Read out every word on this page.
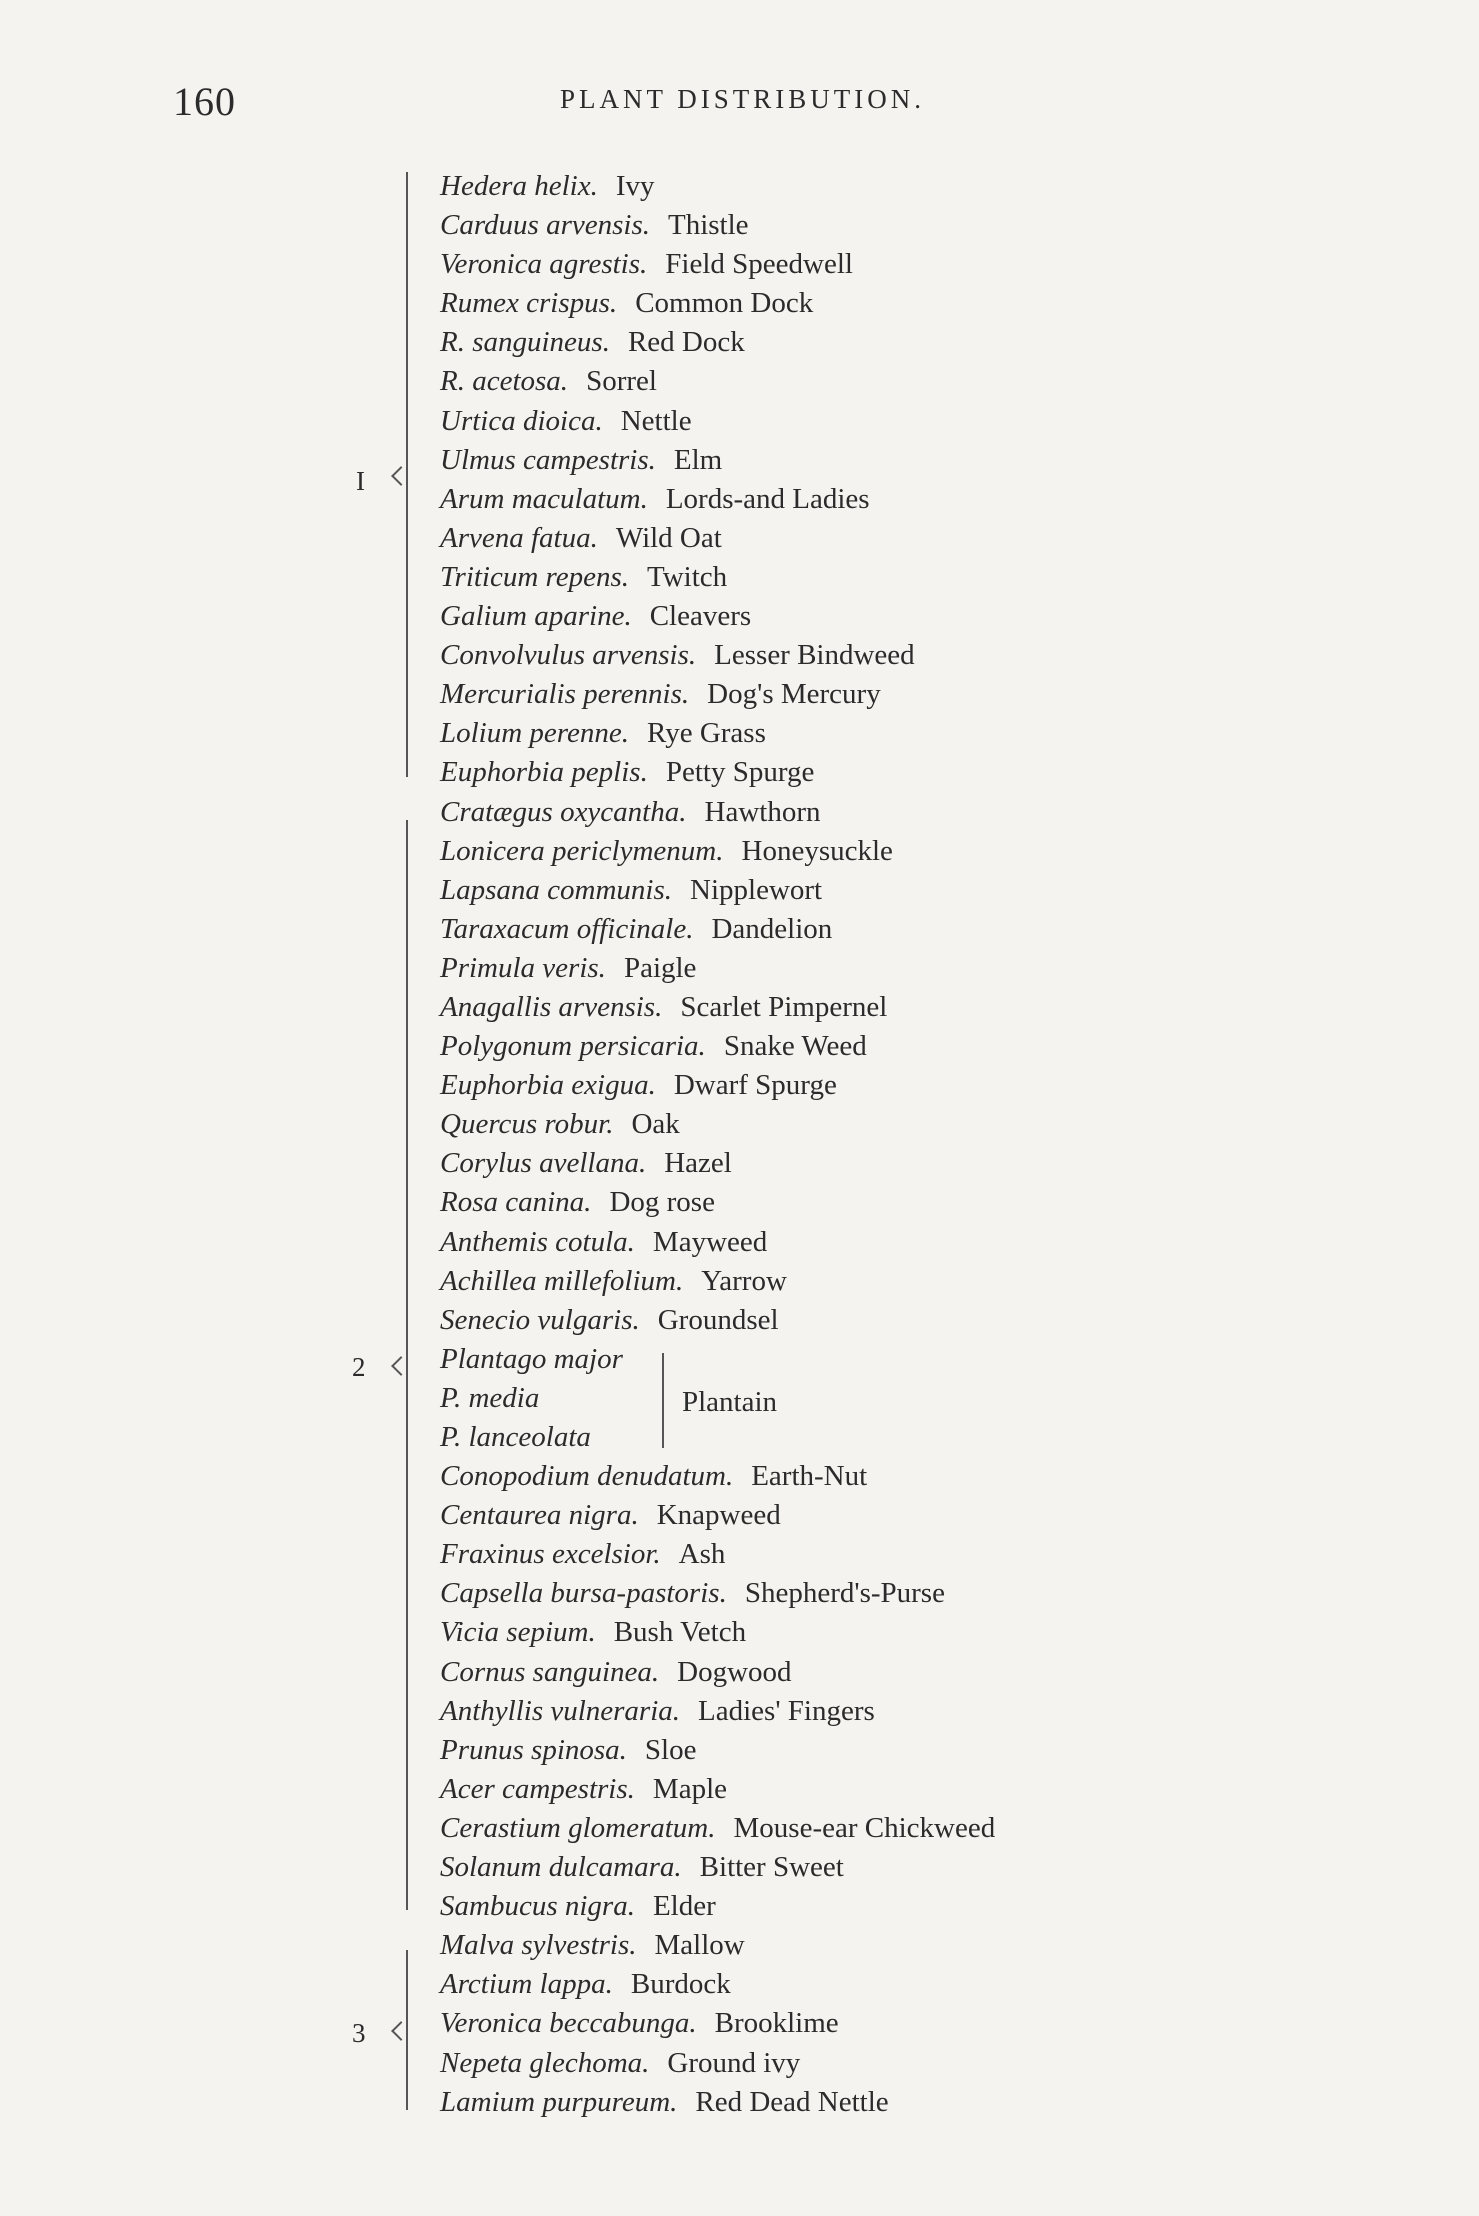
160	PLANT DISTRIBUTION.
I
2
3
Hedera helix. Ivy
Carduus arvensis. Thistle
Veronica agrestis. Field Speedwell
Rumex crispus. Common Dock
R. sanguineus. Red Dock
R. acetosa. Sorrel
Urtica dioica. Nettle
Ulmus campestris. Elm
Arum maculatum. Lords-and Ladies
Arvena fatua. Wild Oat
Triticum repens. Twitch
Galium aparine. Cleavers
Convolvulus arvensis. Lesser Bindweed
Mercurialis perennis. Dog's Mercury
Lolium perenne. Rye Grass
Euphorbia peplis. Petty Spurge
Cratægus oxycantha. Hawthorn
Lonicera periclymenum. Honeysuckle
Lapsana communis. Nipplewort
Taraxacum officinale. Dandelion
Primula veris. Paigle
Anagallis arvensis. Scarlet Pimpernel
Polygonum persicaria. Snake Weed
Euphorbia exigua. Dwarf Spurge
Quercus robur. Oak
Corylus avellana. Hazel
Rosa canina. Dog rose
Anthemis cotula. Mayweed
Achillea millefolium. Yarrow
Senecio vulgaris. Groundsel
Plantago major
P. media
P. lanceolata
Conopodium denudatum. Earth-Nut
Centaurea nigra. Knapweed
Fraxinus excelsior. Ash
Capsella bursa-pastoris. Shepherd's-Purse
Vicia sepium. Bush Vetch
Cornus sanguinea. Dogwood
Anthyllis vulneraria. Ladies' Fingers
Prunus spinosa. Sloe
Acer campestris. Maple
Cerastium glomeratum. Mouse-ear Chickweed
Solanum dulcamara. Bitter Sweet
Sambucus nigra. Elder
Malva sylvestris. Mallow
Arctium lappa. Burdock
Veronica beccabunga. Brooklime
Nepeta glechoma. Ground ivy
Lamium purpureum. Red Dead Nettle
Plantain
